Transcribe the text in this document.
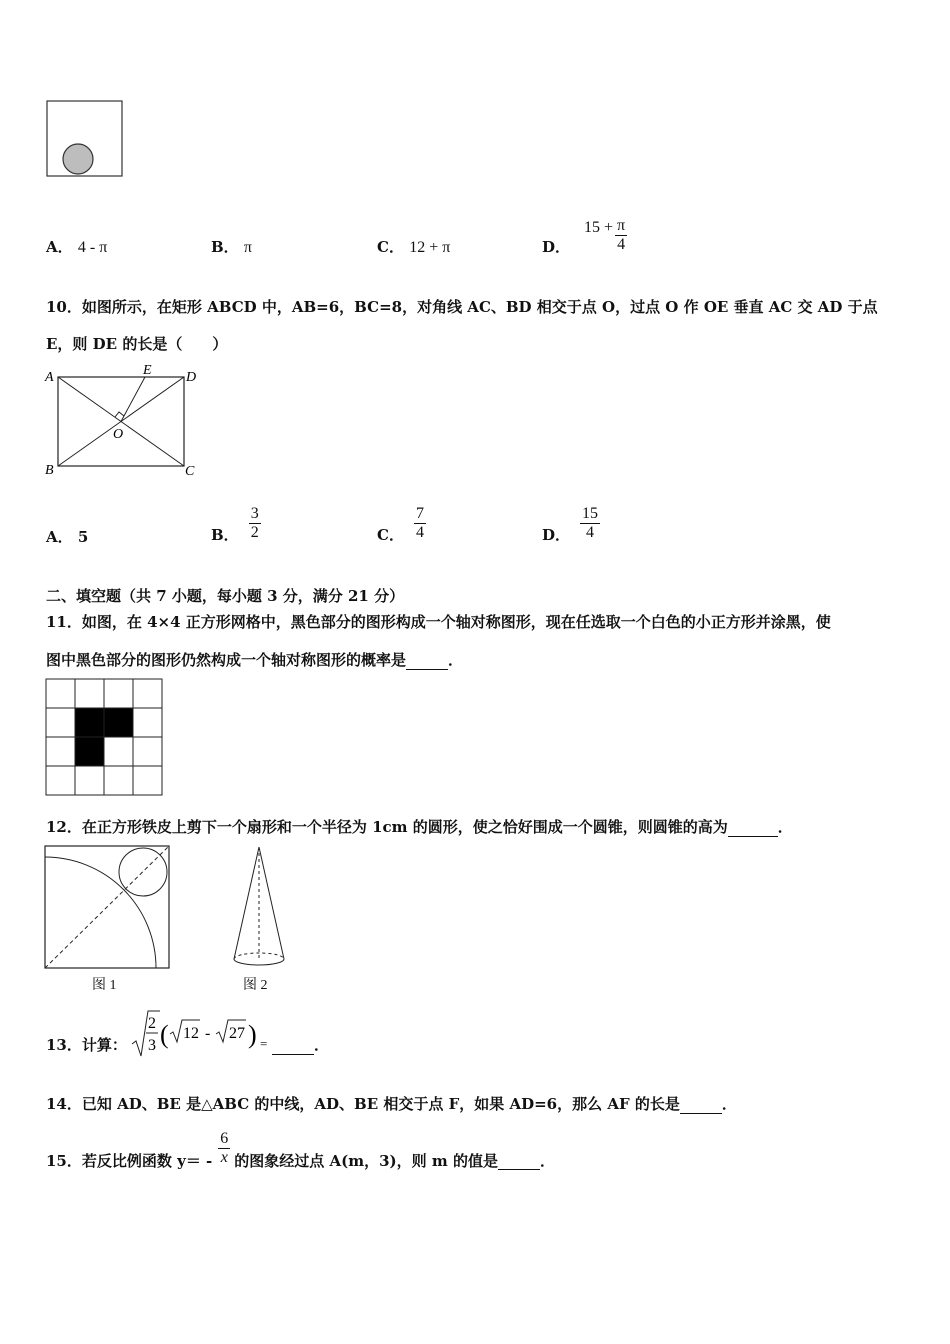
A． 4 - π	B． π	C． 12 + π	D．
$15 + \frac{\pi}{4}$
10．如图所示，在矩形 ABCD 中，AB=6，BC=8，对角线 AC、BD 相交于点 O，过点 O 作 OE 垂直 AC 交 AD 于点
E，则 DE 的长是（　　）
A	E D
O
B	C
A． 5	B． $\frac{3}{2}$	C． $\frac{7}{4}$	D． $\frac{15}{4}$
二、填空题（共 7 小题，每小题 3 分，满分 21 分）
11．如图，在 4×4 正方形网格中，黑色部分的图形构成一个轴对称图形，现在任选取一个白色的小正方形并涂黑，使
图中黑色部分的图形仍然构成一个轴对称图形的概率是	．
12．在正方形铁皮上剪下一个扇形和一个半径为 1cm 的圆形，使之恰好围成一个圆锥，则圆锥的高为	．
图 1	图 2
13．计算：
2
3 ( 12 - 27 ) =	．
14．已知 AD、BE 是△ABC 的中线，AD、BE 相交于点 F，如果 AD=6，那么 AF 的长是	．
15．若反比例函数 $y= - \frac{6}{x}$ 的图象经过点 A(m，3)，则 m 的值是
	．
